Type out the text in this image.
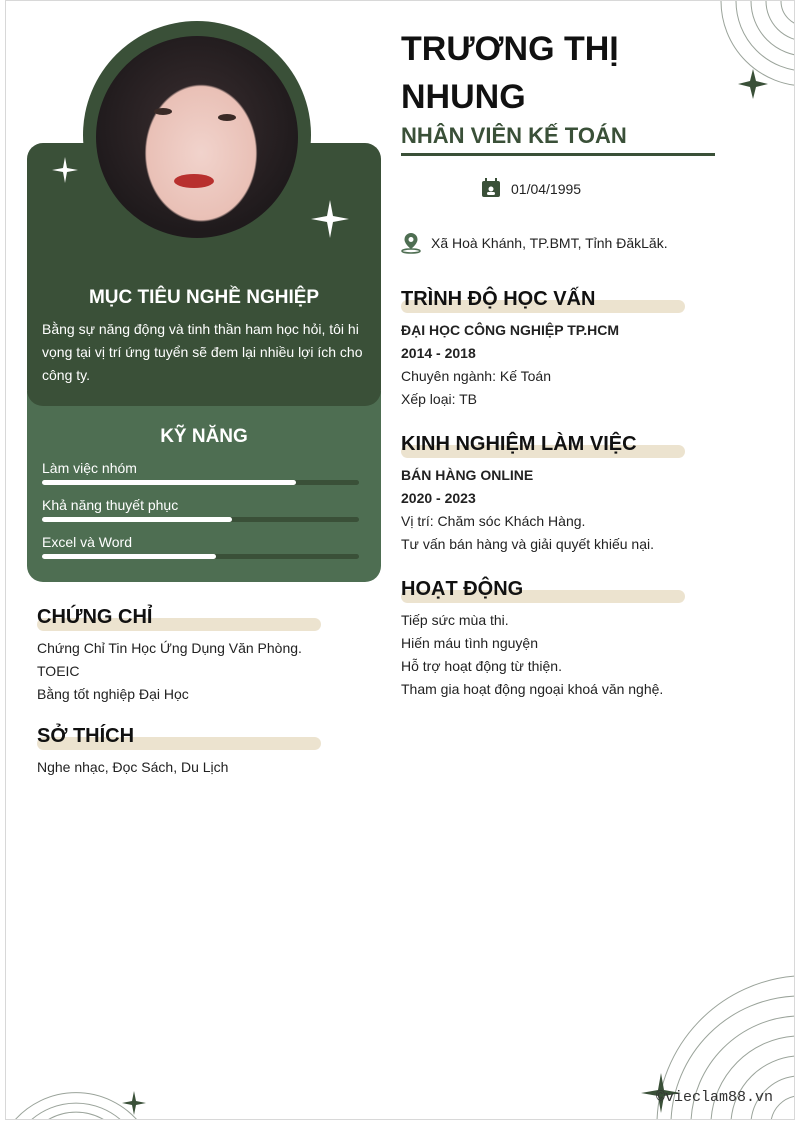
©vieclam88.vn
MỤC TIÊU NGHỀ NGHIỆP
Bằng sự năng động và tinh thần ham học hỏi, tôi hi vọng tại vị trí ứng tuyển sẽ đem lại nhiều lợi ích cho công ty.
KỸ NĂNG
Làm việc nhóm
Khả năng thuyết phục
Excel và Word
CHỨNG CHỈ
Chứng Chỉ Tin Học Ứng Dụng Văn Phòng.
TOEIC
Bằng tốt nghiệp Đại Học
SỞ THÍCH
Nghe nhạc, Đọc Sách, Du Lịch
TRƯƠNG THỊ
NHUNG
NHÂN VIÊN KẾ TOÁN
01/04/1995
Xã Hoà Khánh, TP.BMT, Tỉnh ĐăkLăk.
TRÌNH ĐỘ HỌC VẤN
ĐẠI HỌC CÔNG NGHIỆP TP.HCM
2014 - 2018
Chuyên ngành: Kế Toán
Xếp loại: TB
KINH NGHIỆM LÀM VIỆC
BÁN HÀNG ONLINE
2020 - 2023
Vị trí: Chăm sóc Khách Hàng.
Tư vấn bán hàng và giải quyết khiếu nại.
HOẠT ĐỘNG
Tiếp sức mùa thi.
Hiến máu tình nguyện
Hỗ trợ hoạt động từ thiện.
Tham gia hoạt động ngoại khoá văn nghệ.
